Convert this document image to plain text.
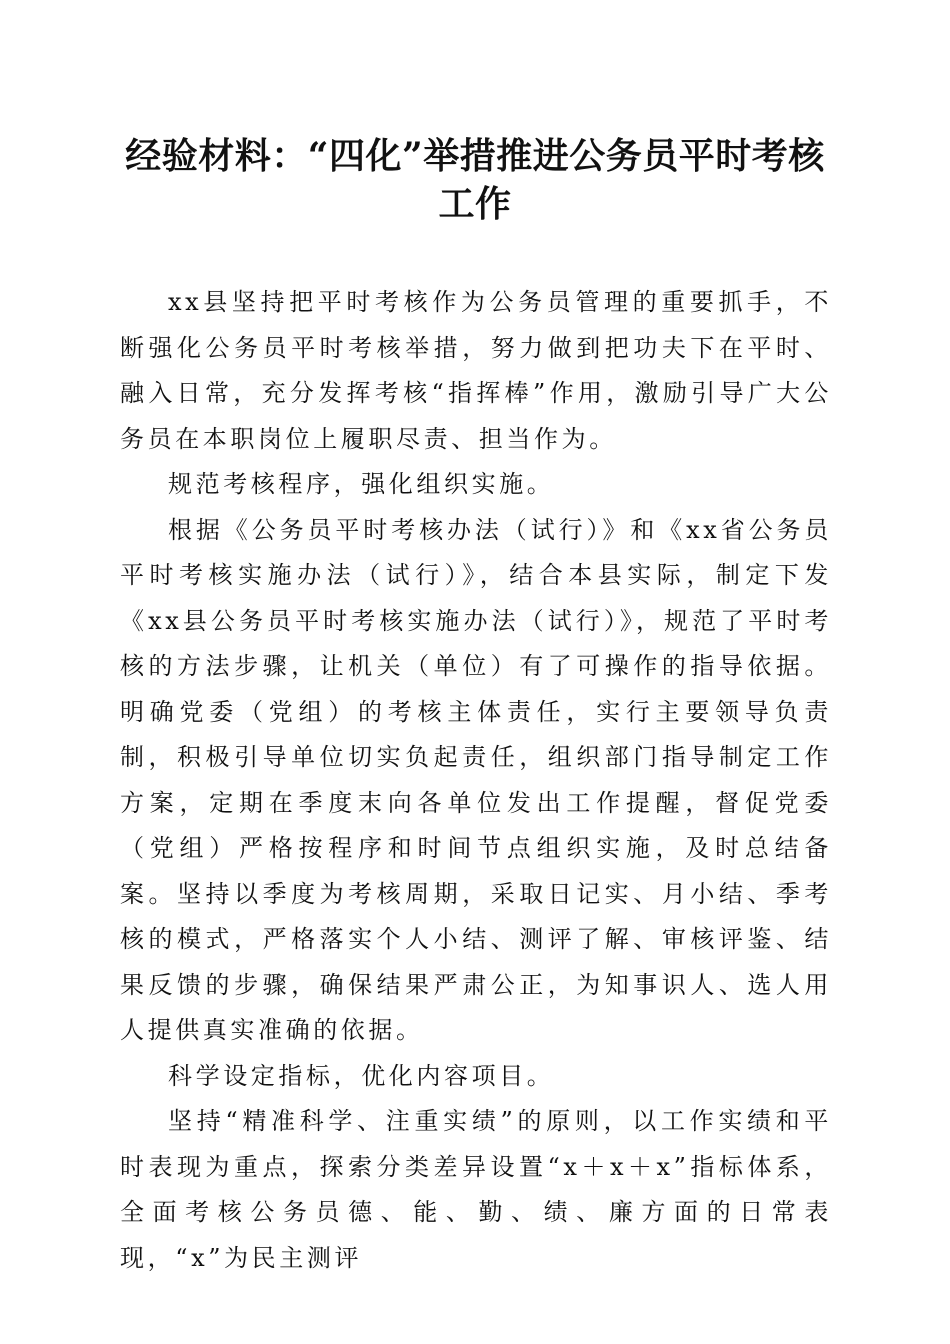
经验材料：“四化”举措推进公务员平时考核工作

xx县坚持把平时考核作为公务员管理的重要抓手，不断强化公务员平时考核举措，努力做到把功夫下在平时、融入日常，充分发挥考核“指挥棒”作用，激励引导广大公务员在本职岗位上履职尽责、担当作为。

规范考核程序，强化组织实施。

根据《公务员平时考核办法（试行）》和《xx省公务员平时考核实施办法（试行）》，结合本县实际，制定下发《xx县公务员平时考核实施办法（试行）》，规范了平时考核的方法步骤，让机关（单位）有了可操作的指导依据。明确党委（党组）的考核主体责任，实行主要领导负责制，积极引导单位切实负起责任，组织部门指导制定工作方案，定期在季度末向各单位发出工作提醒，督促党委（党组）严格按程序和时间节点组织实施，及时总结备案。坚持以季度为考核周期，采取日记实、月小结、季考核的模式，严格落实个人小结、测评了解、审核评鉴、结果反馈的步骤，确保结果严肃公正，为知事识人、选人用人提供真实准确的依据。

科学设定指标，优化内容项目。

坚持“精准科学、注重实绩”的原则，以工作实绩和平时表现为重点，探索分类差异设置“x＋x＋x”指标体系，全面考核公务员德、能、勤、绩、廉方面的日常表现，“x”为民主测评
